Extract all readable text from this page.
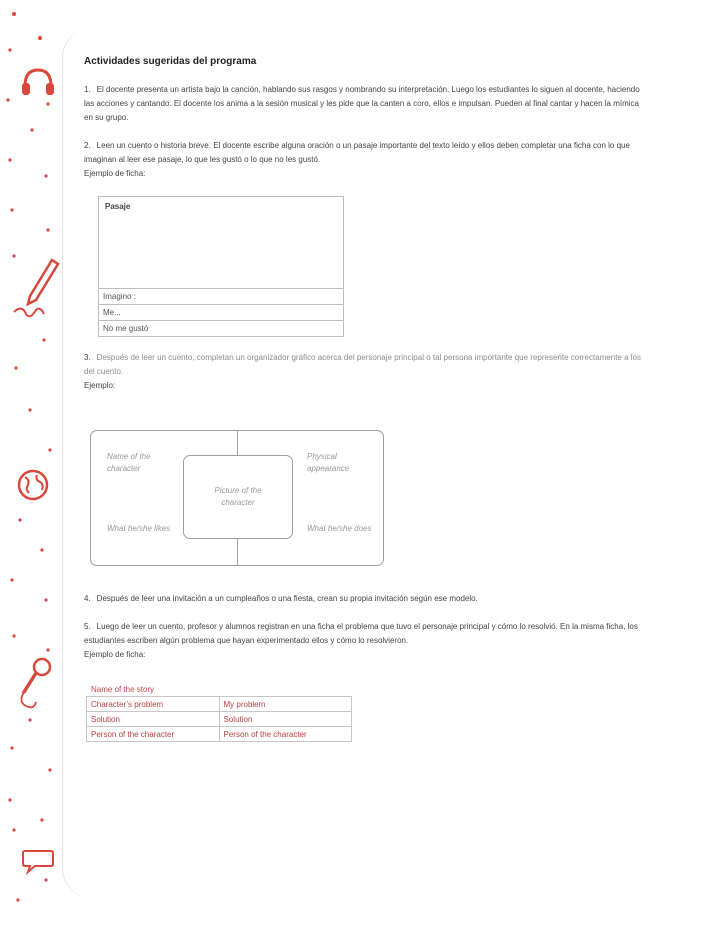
Actividades sugeridas del programa

1. El docente presenta un artista bajo la canción, hablando sus rasgos y nombrando su interpretación. Luego los estudiantes lo siguen al docente, haciendo las acciones y cantando. El docente los anima a la sesión musical y les pide que la canten a coro, ellos e impulsan. Pueden al final cantar y hacen la mímica en su grupo.

2. Leen un cuento o historia breve. El docente escribe alguna oración o un pasaje importante del texto leído y ellos deben completar una ficha con lo que imaginan al leer ese pasaje, lo que les gustó o lo que no les gustó.

Ejemplo de ficha:

Pasaje
Imagino :
Me...
No me gustó

3. Después de leer un cuento, completan un organizador gráfico acerca del personaje principal o tal persona importante que represente correctamente a los del cuento.

Ejemplo:

Name of the character
Physical appearance
What he/she likes	What he/she does
Picture of the character

4. Después de leer una invitación a un cumpleaños o una fiesta, crean su propia invitación según ese modelo.

5. Luego de leer un cuento, profesor y alumnos registran en una ficha el problema que tuvo el personaje principal y cómo lo resolvió. En la misma ficha, los estudiantes escriben algún problema que hayan experimentado ellos y cómo lo resolvieron.

Ejemplo de ficha:

Name of the story	
Character’s problem	My problem
Solution	Solution
Person of the character	Person of the character
